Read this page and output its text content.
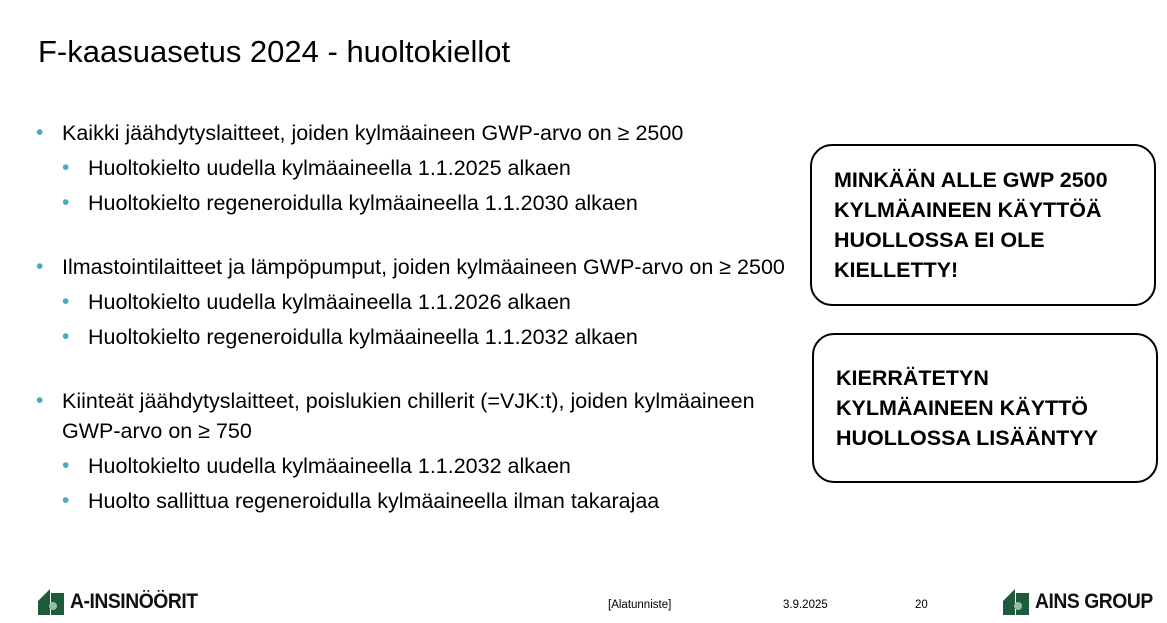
F-kaasuasetus 2024 - huoltokiellot
• Kaikki jäähdytyslaitteet, joiden kylmäaineen GWP-arvo on ≥ 2500
• Huoltokielto uudella kylmäaineella 1.1.2025 alkaen
• Huoltokielto regeneroidulla kylmäaineella 1.1.2030 alkaen
• Ilmastointilaitteet ja lämpöpumput, joiden kylmäaineen GWP-arvo on ≥ 2500
• Huoltokielto uudella kylmäaineella 1.1.2026 alkaen
• Huoltokielto regeneroidulla kylmäaineella 1.1.2032 alkaen
• Kiinteät jäähdytyslaitteet, poislukien chillerit (=VJK:t), joiden kylmäaineen GWP-arvo on ≥ 750
• Huoltokielto uudella kylmäaineella 1.1.2032 alkaen
• Huolto sallittua regeneroidulla kylmäaineella ilman takarajaa
MINKÄÄN ALLE GWP 2500 KYLMÄAINEEN KÄYTTÖÄ HUOLLOSSA EI OLE KIELLETTY!
KIERRÄTETYN KYLMÄAINEEN KÄYTTÖ HUOLLOSSA LISÄÄNTYY
A-INSINÖÖRIT	[Alatunniste]	3.9.2025	20	AINS GROUP
